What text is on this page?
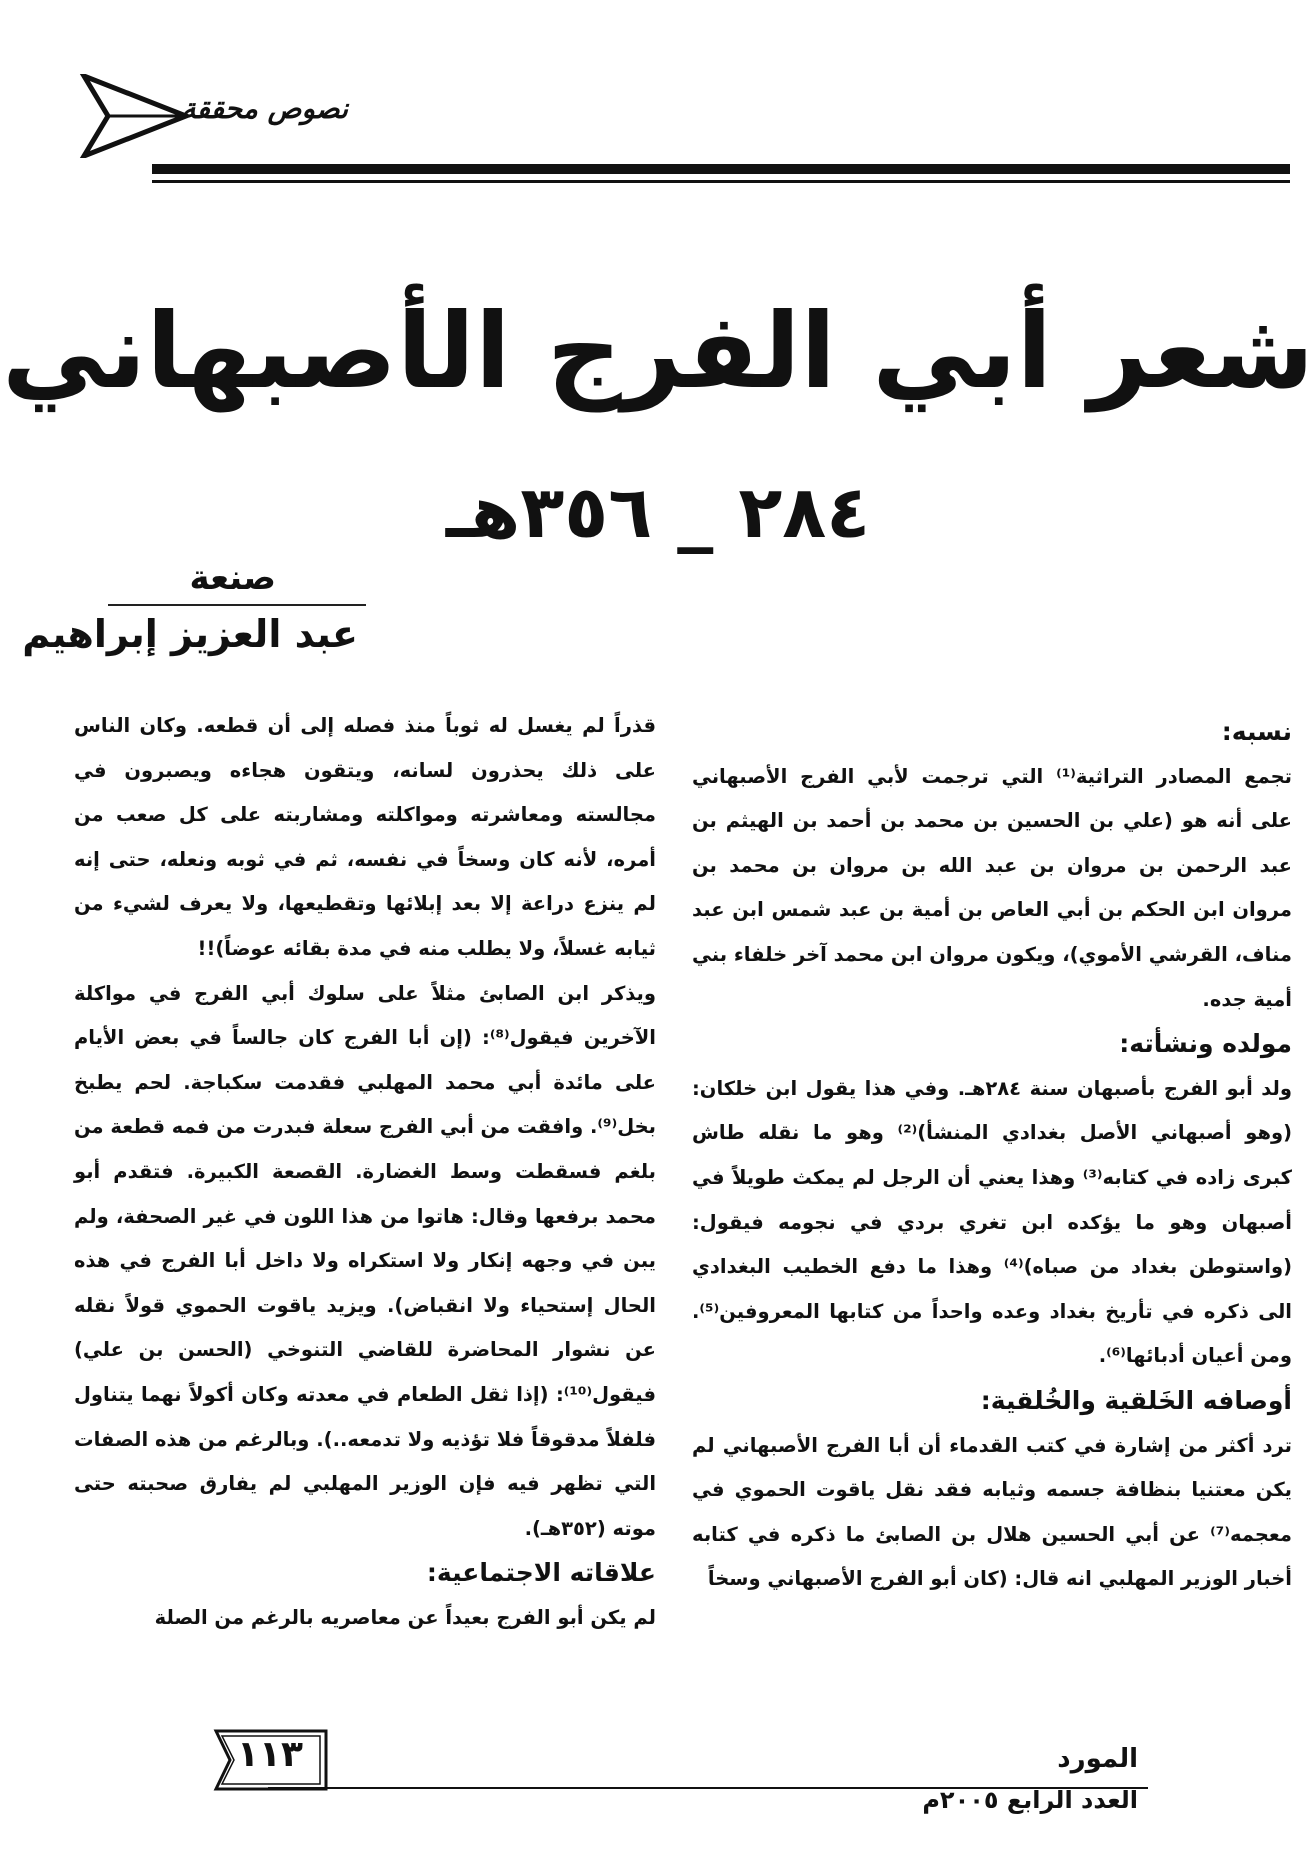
نصوص محققة
شعر أبي الفرج الأصبهاني
٢٨٤ _ ٣٥٦هـ
صنعة
عبد العزيز إبراهيم
نسبه:

تجمع المصادر التراثية⁽¹⁾ التي ترجمت لأبي الفرج الأصبهاني على أنه هو (علي بن الحسين بن محمد بن أحمد بن الهيثم بن عبد الرحمن بن مروان بن عبد الله بن مروان بن محمد بن مروان ابن الحكم بن أبي العاص بن أمية بن عبد شمس ابن عبد مناف، القرشي الأموي)، ويكون مروان ابن محمد آخر خلفاء بني أمية جده.

مولده ونشأته:

ولد أبو الفرج بأصبهان سنة ٢٨٤هـ. وفي هذا يقول ابن خلكان: (وهو أصبهاني الأصل بغدادي المنشأ)⁽²⁾ وهو ما نقله طاش كبرى زاده في كتابه⁽³⁾ وهذا يعني أن الرجل لم يمكث طويلاً في أصبهان وهو ما يؤكده ابن تغري بردي في نجومه فيقول: (واستوطن بغداد من صباه)⁽⁴⁾ وهذا ما دفع الخطيب البغدادي الى ذكره في تأريخ بغداد وعده واحداً من كتابها المعروفين⁽⁵⁾. ومن أعيان أدبائها⁽⁶⁾.

أوصافه الخَلقية والخُلقية:

ترد أكثر من إشارة في كتب القدماء أن أبا الفرج الأصبهاني لم يكن معتنيا بنظافة جسمه وثيابه فقد نقل ياقوت الحموي في معجمه⁽⁷⁾ عن أبي الحسين هلال بن الصابئ ما ذكره في كتابه أخبار الوزير المهلبي انه قال: (كان أبو الفرج الأصبهاني وسخاً

قذراً لم يغسل له ثوباً منذ فصله إلى أن قطعه. وكان الناس على ذلك يحذرون لسانه، ويتقون هجاءه ويصبرون في مجالسته ومعاشرته ومواكلته ومشاربته على كل صعب من أمره، لأنه كان وسخاً في نفسه، ثم في ثوبه ونعله، حتى إنه لم ينزع دراعة إلا بعد إبلائها وتقطيعها، ولا يعرف لشيء من ثيابه غسلاً، ولا يطلب منه في مدة بقائه عوضاً)!!

ويذكر ابن الصابئ مثلاً على سلوك أبي الفرج في مواكلة الآخرين فيقول⁽⁸⁾: (إن أبا الفرج كان جالساً في بعض الأيام على مائدة أبي محمد المهلبي فقدمت سكباجة. لحم يطبخ بخل⁽⁹⁾. وافقت من أبي الفرج سعلة فبدرت من فمه قطعة من بلغم فسقطت وسط الغضارة. القصعة الكبيرة. فتقدم أبو محمد برفعها وقال: هاتوا من هذا اللون في غير الصحفة، ولم يبن في وجهه إنكار ولا استكراه ولا داخل أبا الفرج في هذه الحال إستحياء ولا انقباض). ويزيد ياقوت الحموي قولاً نقله عن نشوار المحاضرة للقاضي التنوخي (الحسن بن علي) فيقول⁽¹⁰⁾: (إذا ثقل الطعام في معدته وكان أكولاً نهما يتناول فلفلاً مدقوقاً فلا تؤذيه ولا تدمعه..). وبالرغم من هذه الصفات التي تظهر فيه فإن الوزير المهلبي لم يفارق صحبته حتى موته (٣٥٢هـ).

علاقاته الاجتماعية:

لم يكن أبو الفرج بعيداً عن معاصريه بالرغم من الصلة

١١٣	المورد
العدد الرابع ٢٠٠٥م
